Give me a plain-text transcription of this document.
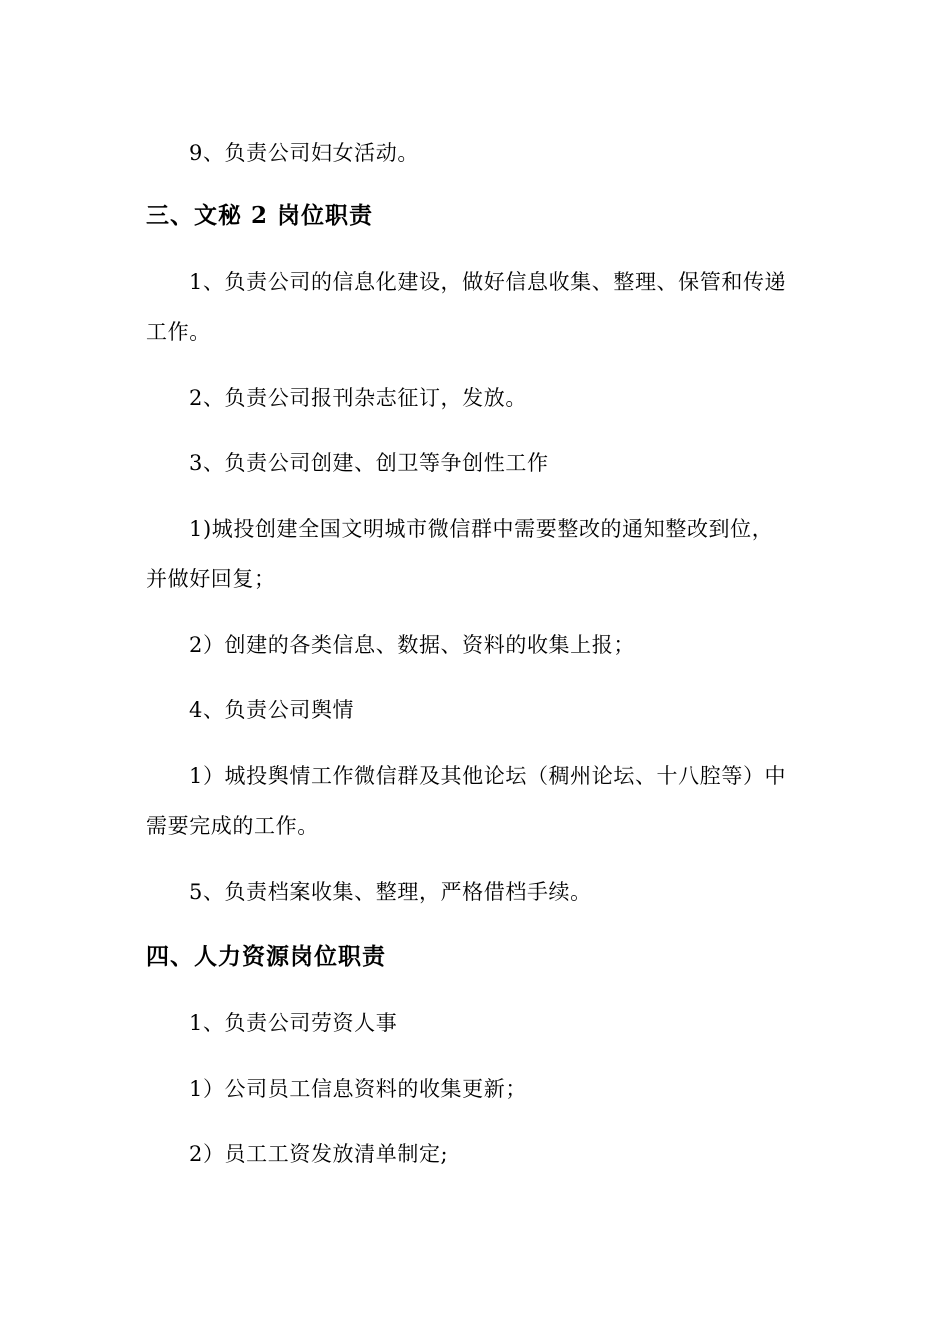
9、负责公司妇女活动。
三、文秘 2 岗位职责
1、负责公司的信息化建设，做好信息收集、整理、保管和传递
工作。
2、负责公司报刊杂志征订，发放。
3、负责公司创建、创卫等争创性工作
1)城投创建全国文明城市微信群中需要整改的通知整改到位，
并做好回复；
2）创建的各类信息、数据、资料的收集上报；
4、负责公司舆情
1）城投舆情工作微信群及其他论坛（稠州论坛、十八腔等）中
需要完成的工作。
5、负责档案收集、整理，严格借档手续。
四、人力资源岗位职责
1、负责公司劳资人事
1）公司员工信息资料的收集更新；
2）员工工资发放清单制定;
